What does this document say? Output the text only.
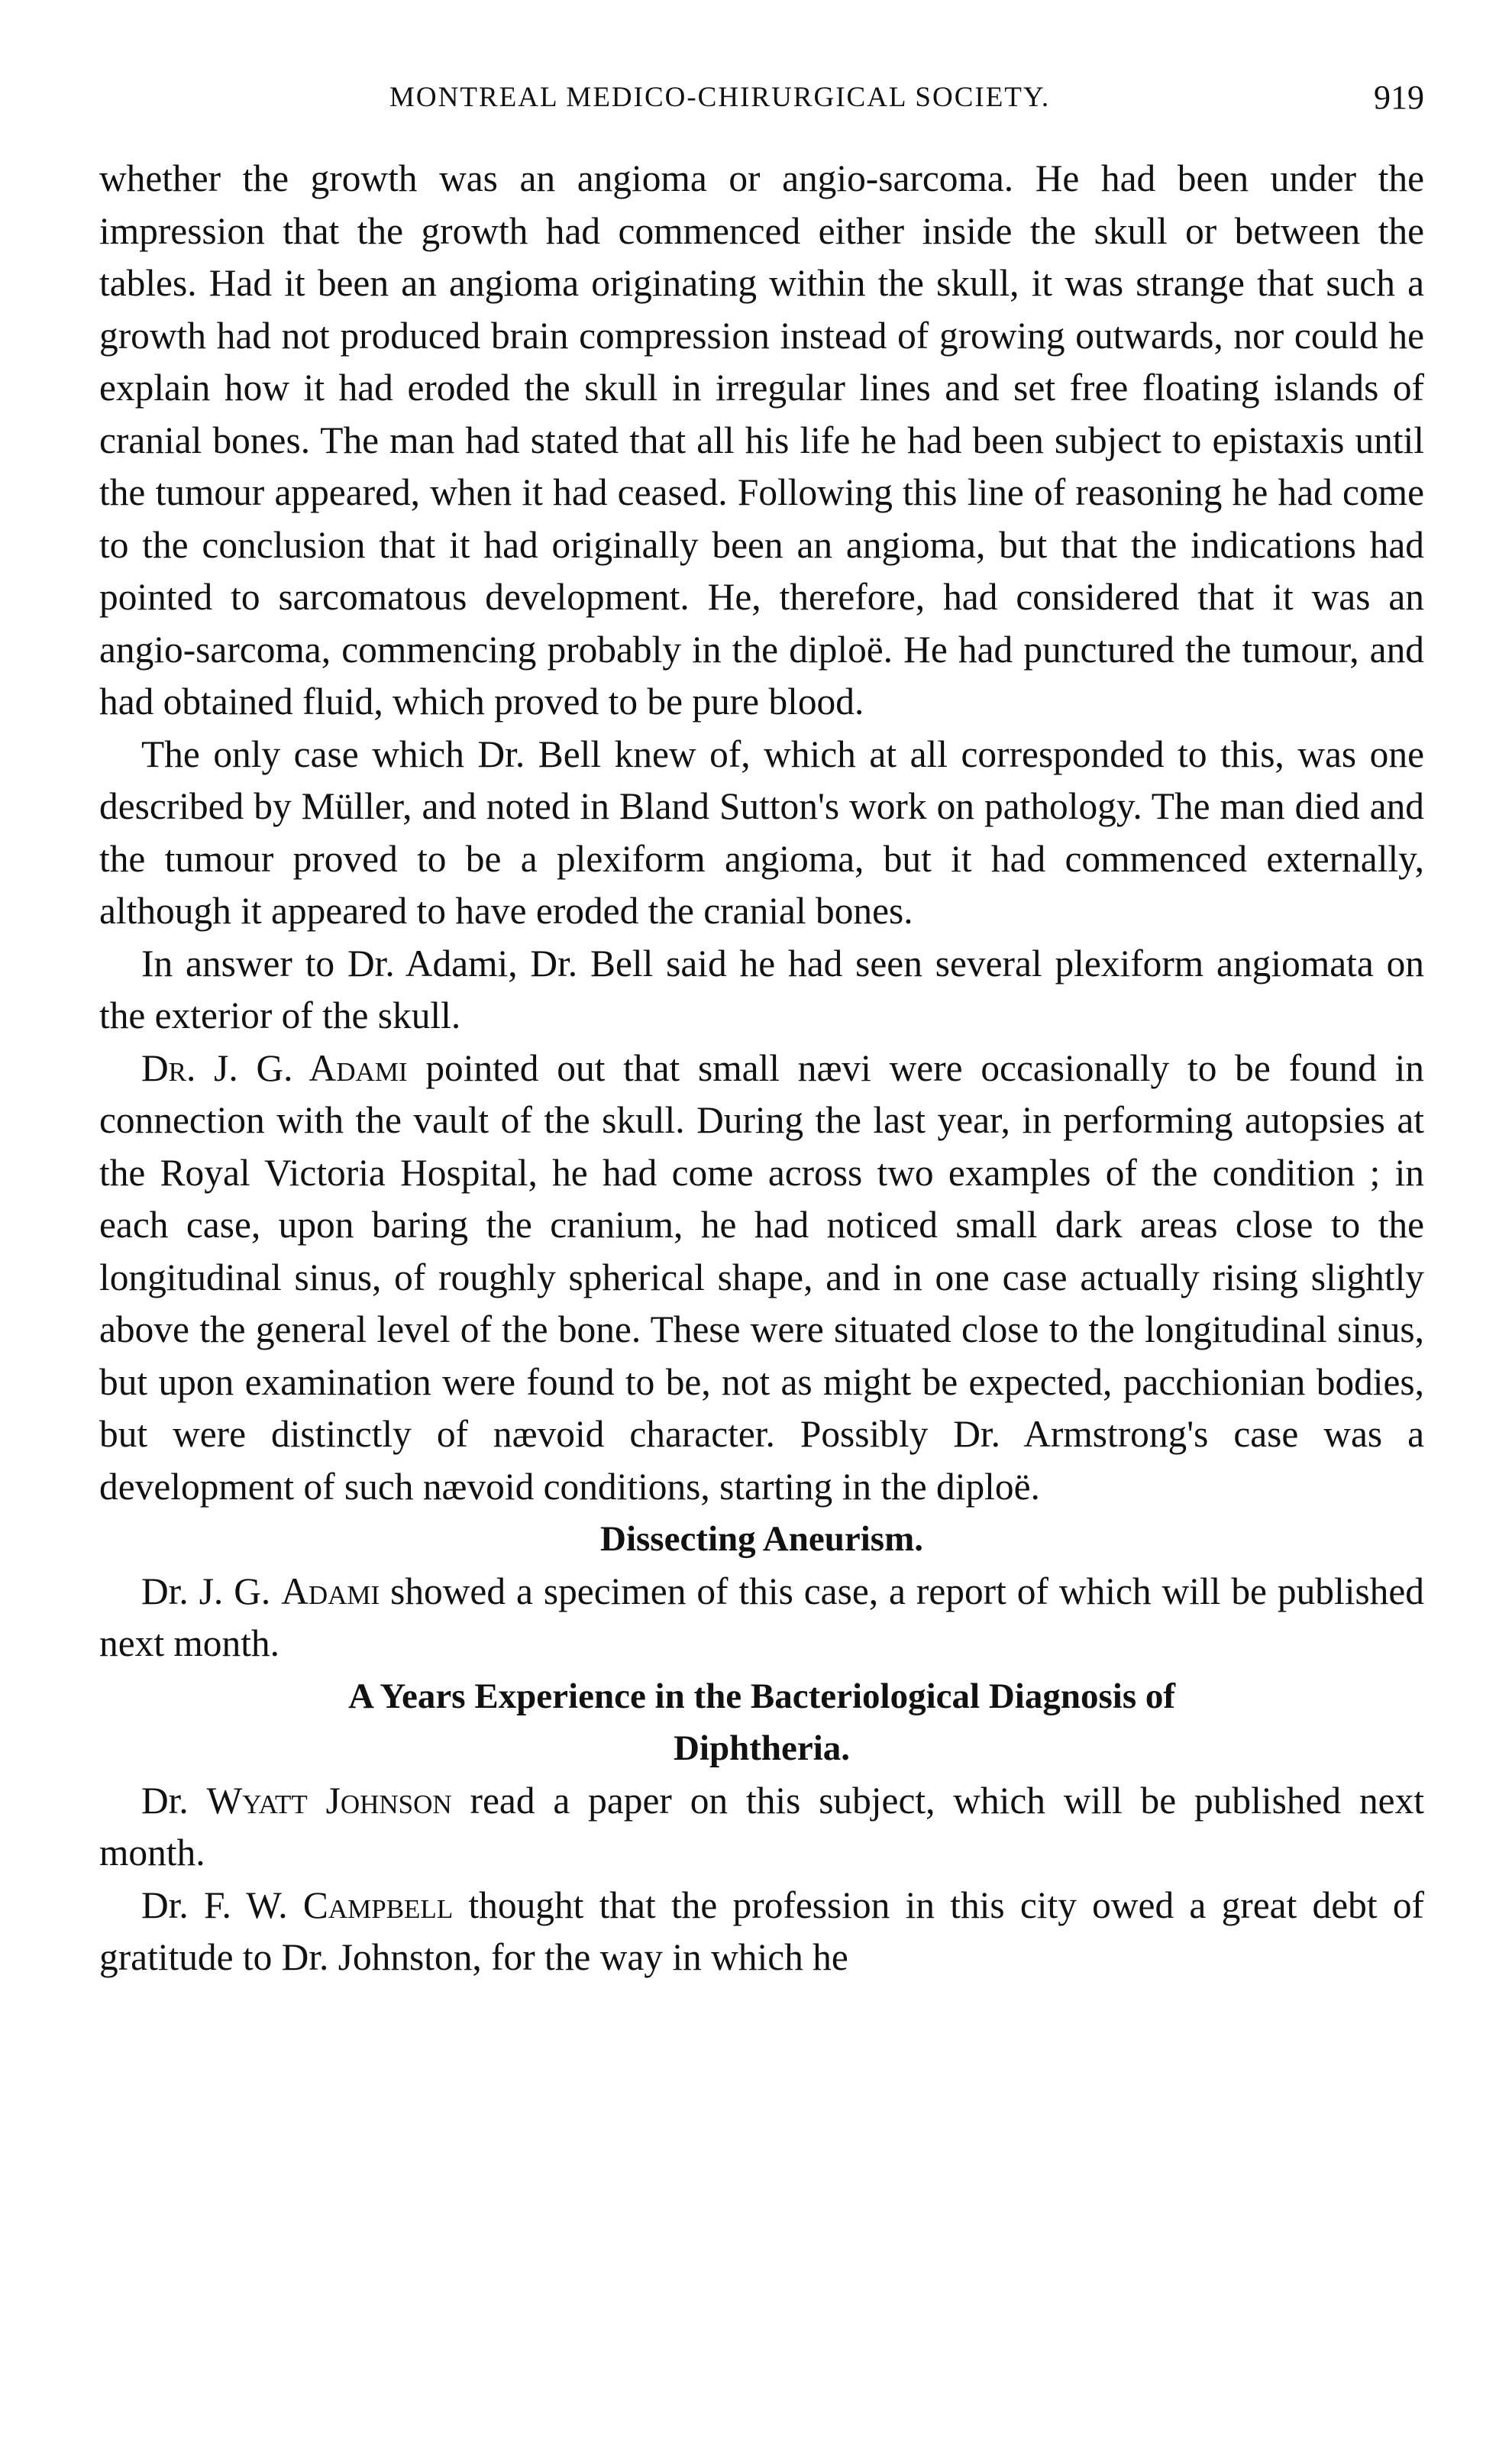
MONTREAL MEDICO-CHIRURGICAL SOCIETY.	919

whether the growth was an angioma or angio-sarcoma. He had been under the impression that the growth had commenced either inside the skull or between the tables. Had it been an angioma originating within the skull, it was strange that such a growth had not produced brain compression instead of growing outwards, nor could he explain how it had eroded the skull in irregular lines and set free floating islands of cranial bones. The man had stated that all his life he had been subject to epistaxis until the tumour appeared, when it had ceased. Following this line of reasoning he had come to the conclusion that it had originally been an angioma, but that the indications had pointed to sarcomatous development. He, therefore, had considered that it was an angio-sarcoma, commencing probably in the diploë. He had punctured the tumour, and had obtained fluid, which proved to be pure blood.

The only case which Dr. Bell knew of, which at all corresponded to this, was one described by Müller, and noted in Bland Sutton's work on pathology. The man died and the tumour proved to be a plexiform angioma, but it had commenced externally, although it appeared to have eroded the cranial bones.

In answer to Dr. Adami, Dr. Bell said he had seen several plexiform angiomata on the exterior of the skull.

Dr. J. G. Adami pointed out that small nævi were occasionally to be found in connection with the vault of the skull. During the last year, in performing autopsies at the Royal Victoria Hospital, he had come across two examples of the condition ; in each case, upon baring the cranium, he had noticed small dark areas close to the longitudinal sinus, of roughly spherical shape, and in one case actually rising slightly above the general level of the bone. These were situated close to the longitudinal sinus, but upon examination were found to be, not as might be expected, pacchionian bodies, but were distinctly of nævoid character. Possibly Dr. Armstrong's case was a development of such nævoid conditions, starting in the diploë.

Dissecting Aneurism.

Dr. J. G. Adami showed a specimen of this case, a report of which will be published next month.

A Years Experience in the Bacteriological Diagnosis of
Diphtheria.

Dr. Wyatt Johnson read a paper on this subject, which will be published next month.

Dr. F. W. Campbell thought that the profession in this city owed a great debt of gratitude to Dr. Johnston, for the way in which he
